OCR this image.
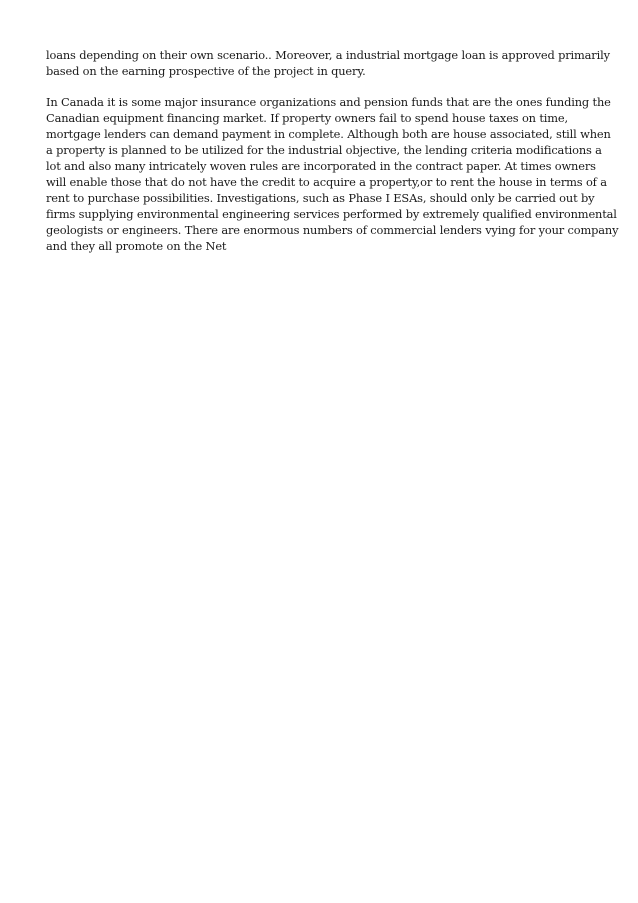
loans depending on their own scenario.. Moreover, a industrial mortgage loan is approved primarily
based on the earning prospective of the project in query.
In Canada it is some major insurance organizations and pension funds that are the ones funding the
Canadian equipment financing market. If property owners fail to spend house taxes on time,
mortgage lenders can demand payment in complete. Although both are house associated, still when
a property is planned to be utilized for the industrial objective, the lending criteria modifications a
lot and also many intricately woven rules are incorporated in the contract paper. At times owners
will enable those that do not have the credit to acquire a property,or to rent the house in terms of a
rent to purchase possibilities. Investigations, such as Phase I ESAs, should only be carried out by
firms supplying environmental engineering services performed by extremely qualified environmental
geologists or engineers. There are enormous numbers of commercial lenders vying for your company
and they all promote on the Net
